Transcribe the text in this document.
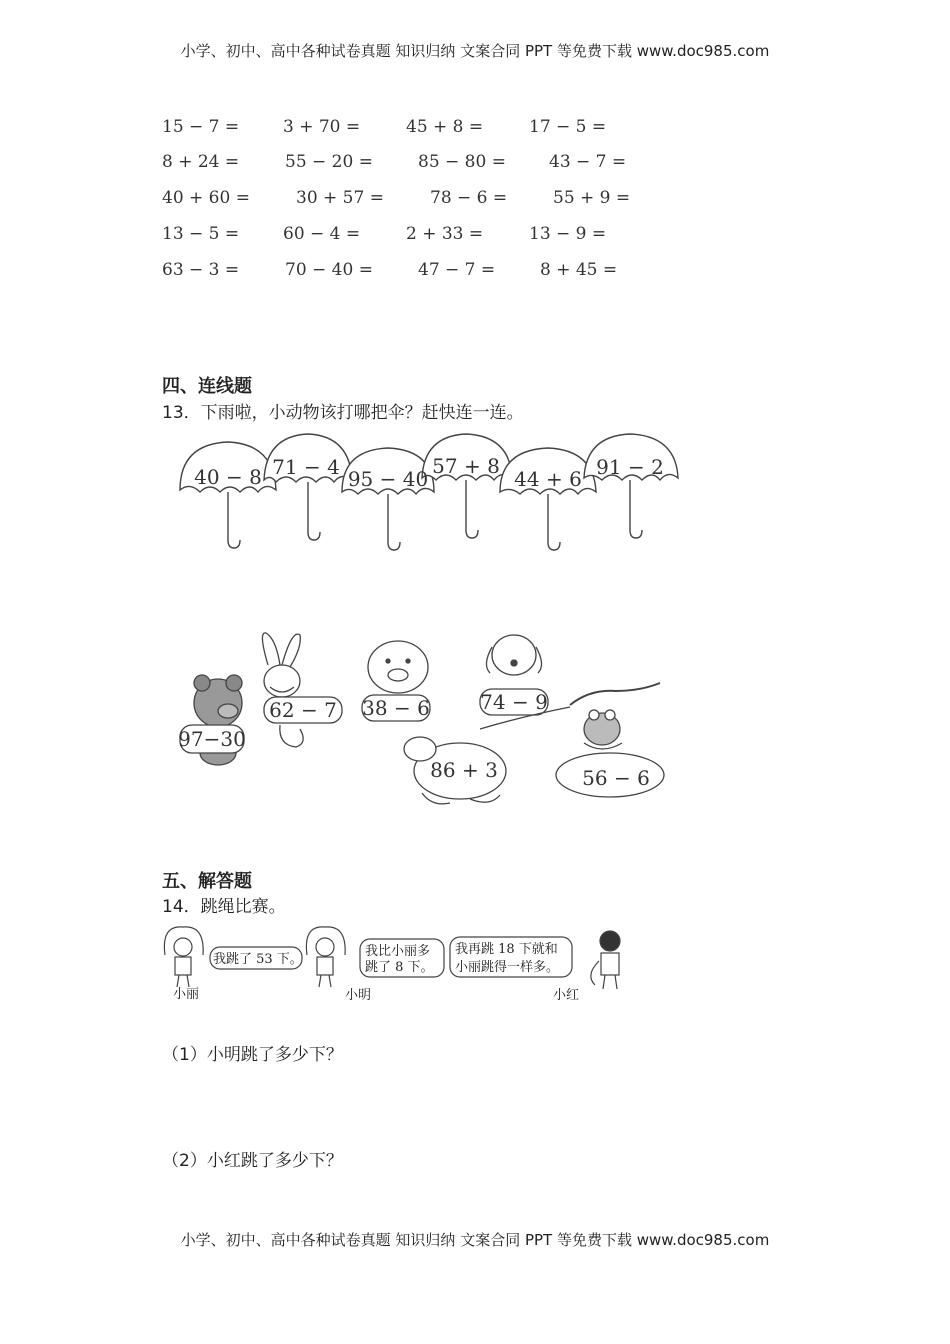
小学、初中、高中各种试卷真题 知识归纳 文案合同 PPT 等免费下载 www.doc985.com
15 − 7 =	3 + 70 =	45 + 8 =	17 − 5 =
8 + 24 =	55 − 20 =	85 − 80 =	43 − 7 =
40 + 60 =	30 + 57 =	78 − 6 =	55 + 9 =
13 − 5 =	60 − 4 =	2 + 33 =	13 − 9 =
63 − 3 =	70 − 40 =	47 − 7 =	8 + 45 =
四、连线题
13．下雨啦，小动物该打哪把伞？赶快连一连。
40 − 8 71 − 4 95 − 40
57 + 8
44 + 6 91 − 2
97−30
62 − 7 38 − 6	74 − 9
86 + 3	56 − 6
五、解答题
14．跳绳比赛。
我跳了 53 下。
我比小丽多
跳了 8 下。
我再跳 18 下就和
小丽跳得一样多。
小丽	小明	小红
（1）小明跳了多少下？
（2）小红跳了多少下？
小学、初中、高中各种试卷真题 知识归纳 文案合同 PPT 等免费下载 www.doc985.com
